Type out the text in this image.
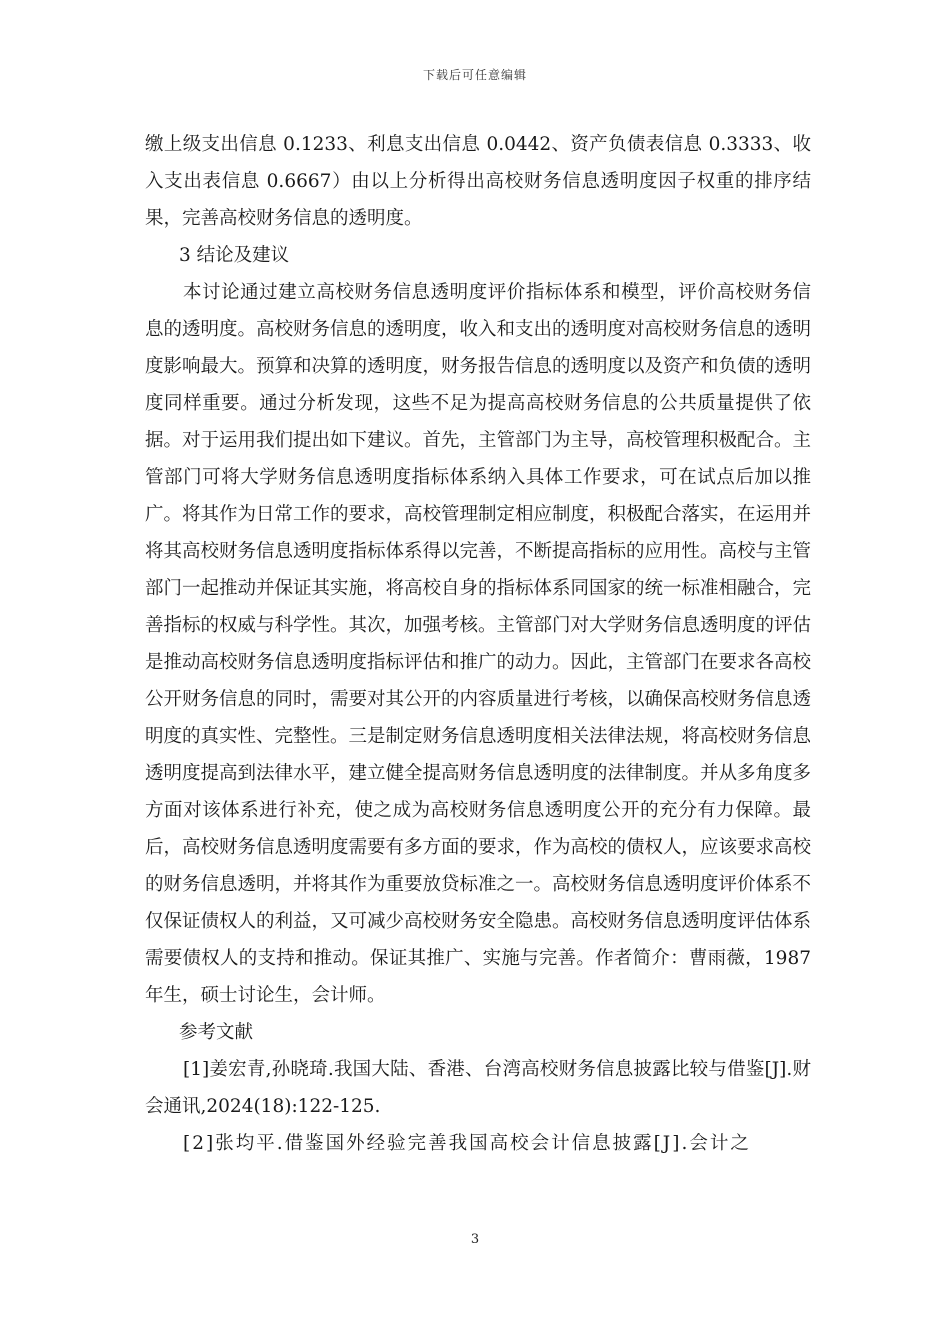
下载后可任意编辑

缴上级支出信息 0.1233、利息支出信息 0.0442、资产负债表信息 0.3333、收入支出表信息 0.6667）由以上分析得出高校财务信息透明度因子权重的排序结果，完善高校财务信息的透明度。

3 结论及建议

本讨论通过建立高校财务信息透明度评价指标体系和模型，评价高校财务信息的透明度。高校财务信息的透明度，收入和支出的透明度对高校财务信息的透明度影响最大。预算和决算的透明度，财务报告信息的透明度以及资产和负债的透明度同样重要。通过分析发现，这些不足为提高高校财务信息的公共质量提供了依据。对于运用我们提出如下建议。首先，主管部门为主导，高校管理积极配合。主管部门可将大学财务信息透明度指标体系纳入具体工作要求，可在试点后加以推广。将其作为日常工作的要求，高校管理制定相应制度，积极配合落实，在运用并将其高校财务信息透明度指标体系得以完善，不断提高指标的应用性。高校与主管部门一起推动并保证其实施，将高校自身的指标体系同国家的统一标准相融合，完善指标的权威与科学性。其次，加强考核。主管部门对大学财务信息透明度的评估是推动高校财务信息透明度指标评估和推广的动力。因此，主管部门在要求各高校公开财务信息的同时，需要对其公开的内容质量进行考核，以确保高校财务信息透明度的真实性、完整性。三是制定财务信息透明度相关法律法规，将高校财务信息透明度提高到法律水平，建立健全提高财务信息透明度的法律制度。并从多角度多方面对该体系进行补充，使之成为高校财务信息透明度公开的充分有力保障。最后，高校财务信息透明度需要有多方面的要求，作为高校的债权人，应该要求高校的财务信息透明，并将其作为重要放贷标准之一。高校财务信息透明度评价体系不仅保证债权人的利益，又可减少高校财务安全隐患。高校财务信息透明度评估体系需要债权人的支持和推动。保证其推广、实施与完善。作者简介：曹雨薇，1987 年生，硕士讨论生，会计师。

参考文献

[1]姜宏青,孙晓琦.我国大陆、香港、台湾高校财务信息披露比较与借鉴[J].财会通讯,2024(18):122-125.

[2]张均平.借鉴国外经验完善我国高校会计信息披露[J].会计之

3
